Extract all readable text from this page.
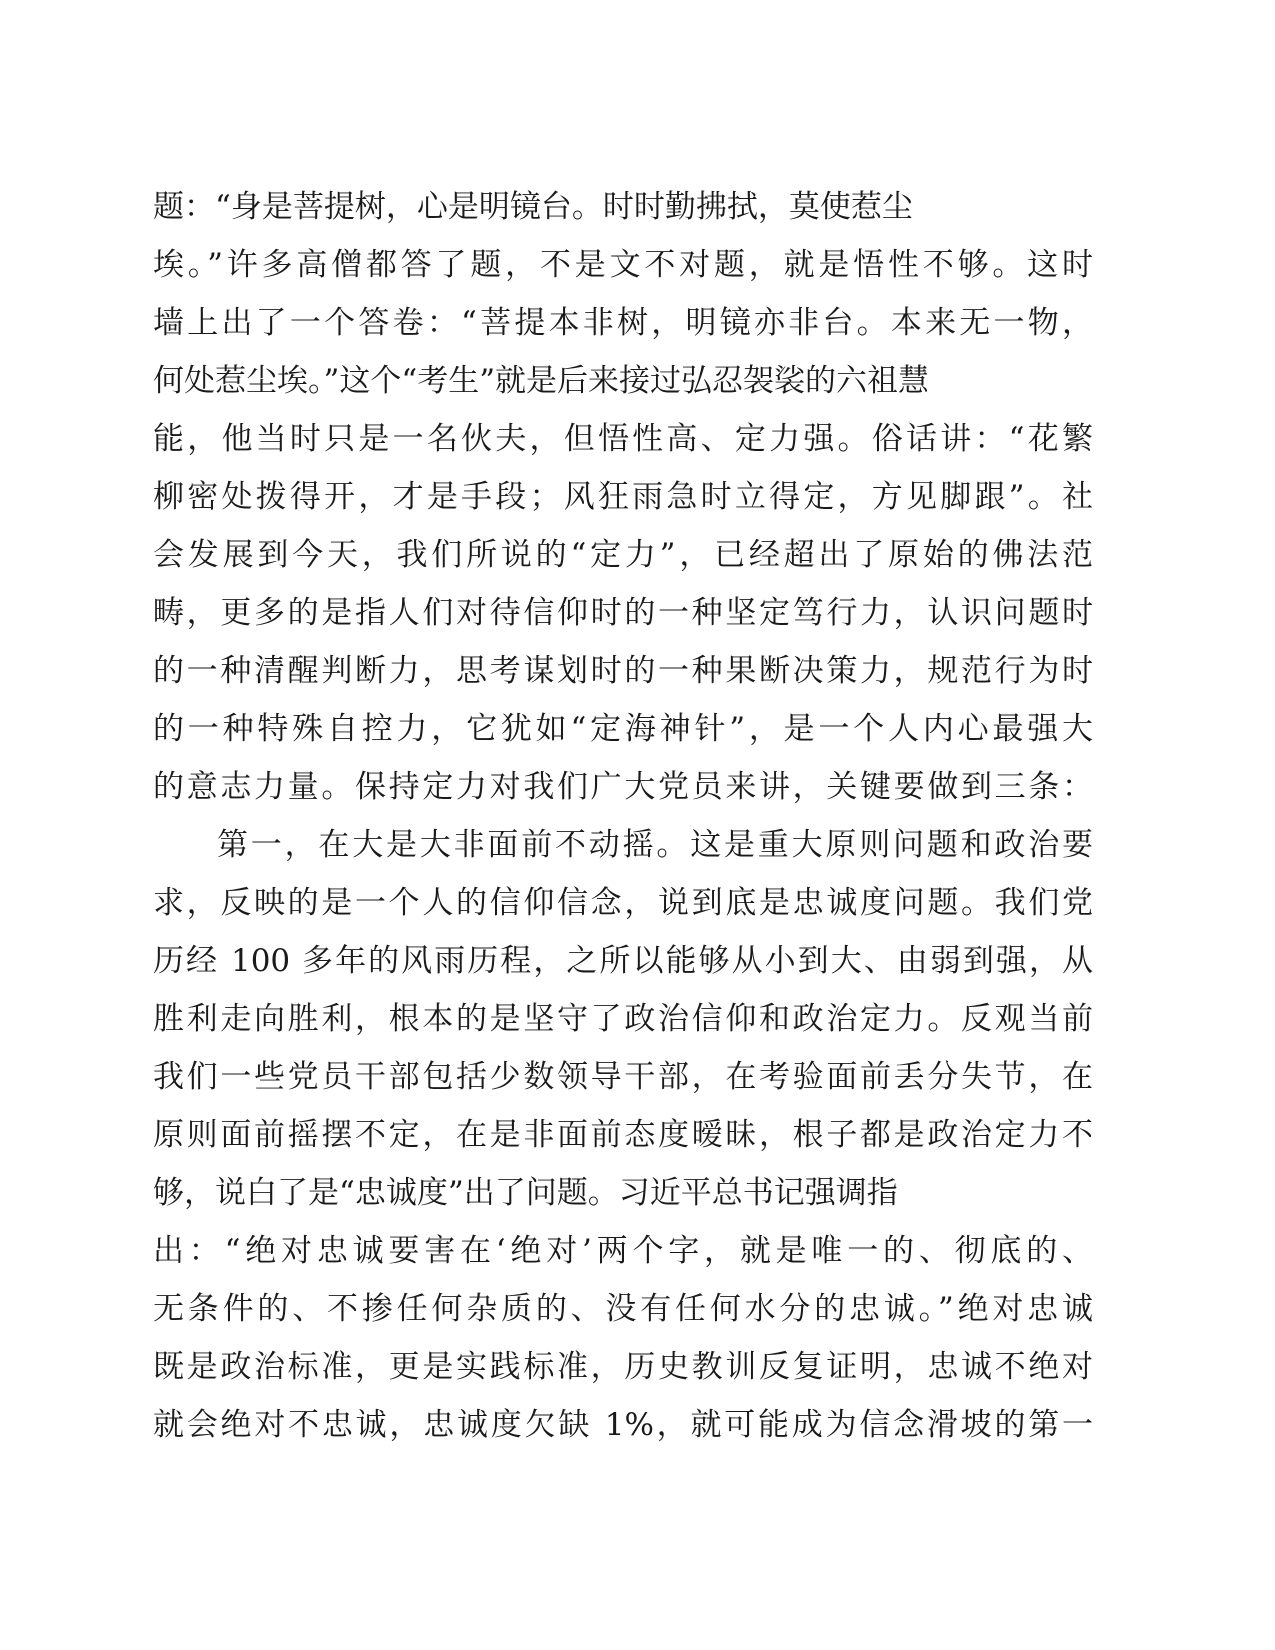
题：“身是菩提树，心是明镜台。时时勤拂拭，莫使惹尘
埃。”许多高僧都答了题，不是文不对题，就是悟性不够。这时
墙上出了一个答卷：“菩提本非树，明镜亦非台。本来无一物，
何处惹尘埃。”这个“考生”就是后来接过弘忍袈裟的六祖慧
能，他当时只是一名伙夫，但悟性高、定力强。俗话讲：“花繁
柳密处拨得开，才是手段；风狂雨急时立得定，方见脚跟”。社
会发展到今天，我们所说的“定力”，已经超出了原始的佛法范
畴，更多的是指人们对待信仰时的一种坚定笃行力，认识问题时
的一种清醒判断力，思考谋划时的一种果断决策力，规范行为时
的一种特殊自控力，它犹如“定海神针”，是一个人内心最强大
的意志力量。保持定力对我们广大党员来讲，关键要做到三条：
第一，在大是大非面前不动摇。这是重大原则问题和政治要
求，反映的是一个人的信仰信念，说到底是忠诚度问题。我们党
历经 100 多年的风雨历程，之所以能够从小到大、由弱到强，从
胜利走向胜利，根本的是坚守了政治信仰和政治定力。反观当前
我们一些党员干部包括少数领导干部，在考验面前丢分失节，在
原则面前摇摆不定，在是非面前态度暧昧，根子都是政治定力不
够，说白了是“忠诚度”出了问题。习近平总书记强调指
出：“绝对忠诚要害在‘绝对’两个字，就是唯一的、彻底的、
无条件的、不掺任何杂质的、没有任何水分的忠诚。”绝对忠诚
既是政治标准，更是实践标准，历史教训反复证明，忠诚不绝对
就会绝对不忠诚，忠诚度欠缺 1%，就可能成为信念滑坡的第一
